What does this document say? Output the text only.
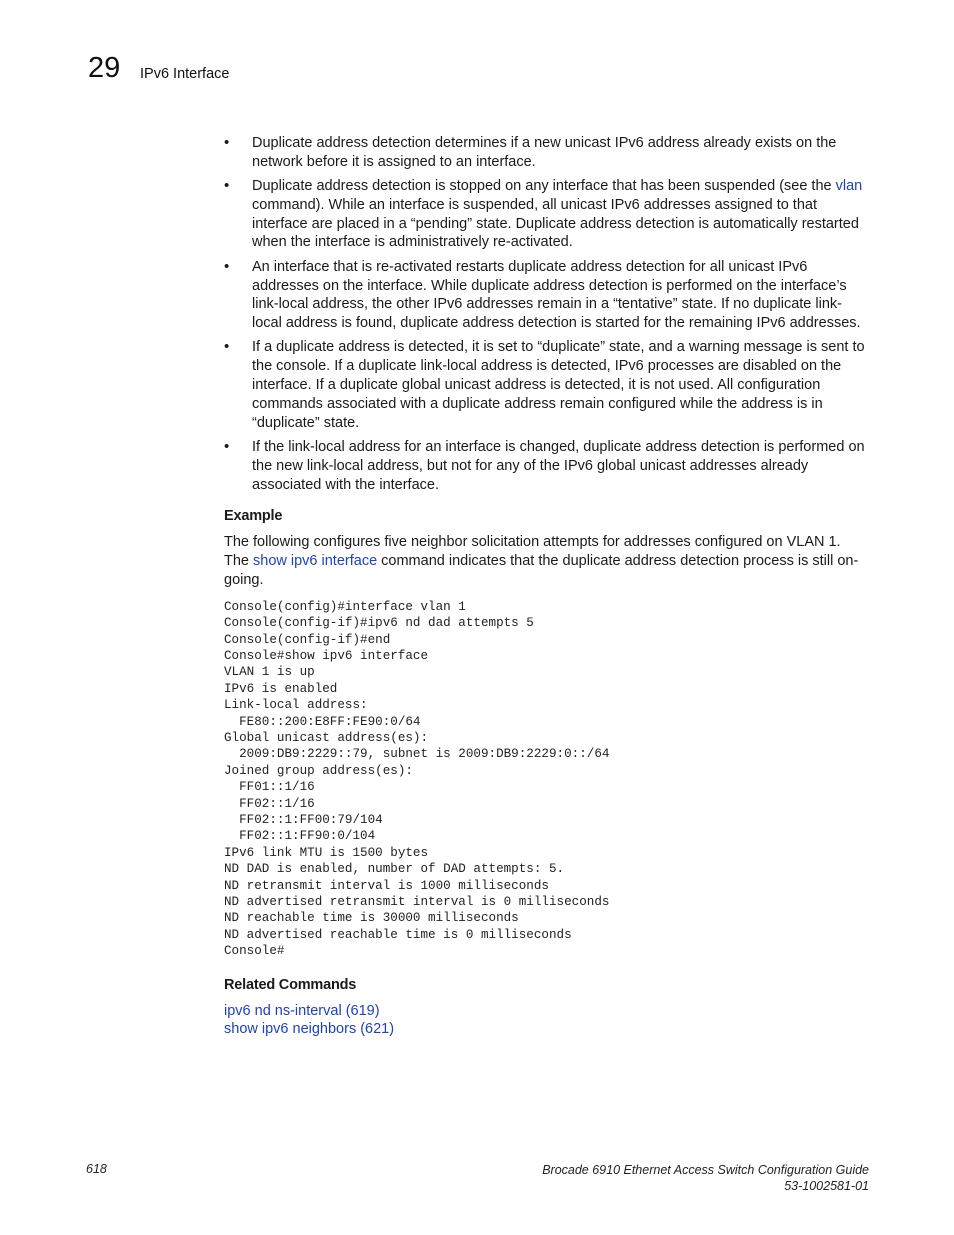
29 IPv6 Interface
• Duplicate address detection determines if a new unicast IPv6 address already exists on the network before it is assigned to an interface.
• Duplicate address detection is stopped on any interface that has been suspended (see the vlan command). While an interface is suspended, all unicast IPv6 addresses assigned to that interface are placed in a “pending” state. Duplicate address detection is automatically restarted when the interface is administratively re-activated.
• An interface that is re-activated restarts duplicate address detection for all unicast IPv6 addresses on the interface. While duplicate address detection is performed on the interface’s link-local address, the other IPv6 addresses remain in a “tentative” state. If no duplicate link-local address is found, duplicate address detection is started for the remaining IPv6 addresses.
• If a duplicate address is detected, it is set to “duplicate” state, and a warning message is sent to the console. If a duplicate link-local address is detected, IPv6 processes are disabled on the interface. If a duplicate global unicast address is detected, it is not used. All configuration commands associated with a duplicate address remain configured while the address is in “duplicate” state.
• If the link-local address for an interface is changed, duplicate address detection is performed on the new link-local address, but not for any of the IPv6 global unicast addresses already associated with the interface.
Example
The following configures five neighbor solicitation attempts for addresses configured on VLAN 1. The show ipv6 interface command indicates that the duplicate address detection process is still on-going.
Console(config)#interface vlan 1
Console(config-if)#ipv6 nd dad attempts 5
Console(config-if)#end
Console#show ipv6 interface
VLAN 1 is up
IPv6 is enabled
Link-local address:
FE80::200:E8FF:FE90:0/64
Global unicast address(es):
2009:DB9:2229::79, subnet is 2009:DB9:2229:0::/64
Joined group address(es):
FF01::1/16
FF02::1/16
FF02::1:FF00:79/104
FF02::1:FF90:0/104
IPv6 link MTU is 1500 bytes
ND DAD is enabled, number of DAD attempts: 5.
ND retransmit interval is 1000 milliseconds
ND advertised retransmit interval is 0 milliseconds
ND reachable time is 30000 milliseconds
ND advertised reachable time is 0 milliseconds
Console#
Related Commands
ipv6 nd ns-interval (619)
show ipv6 neighbors (621)
618	Brocade 6910 Ethernet Access Switch Configuration Guide
53-1002581-01
